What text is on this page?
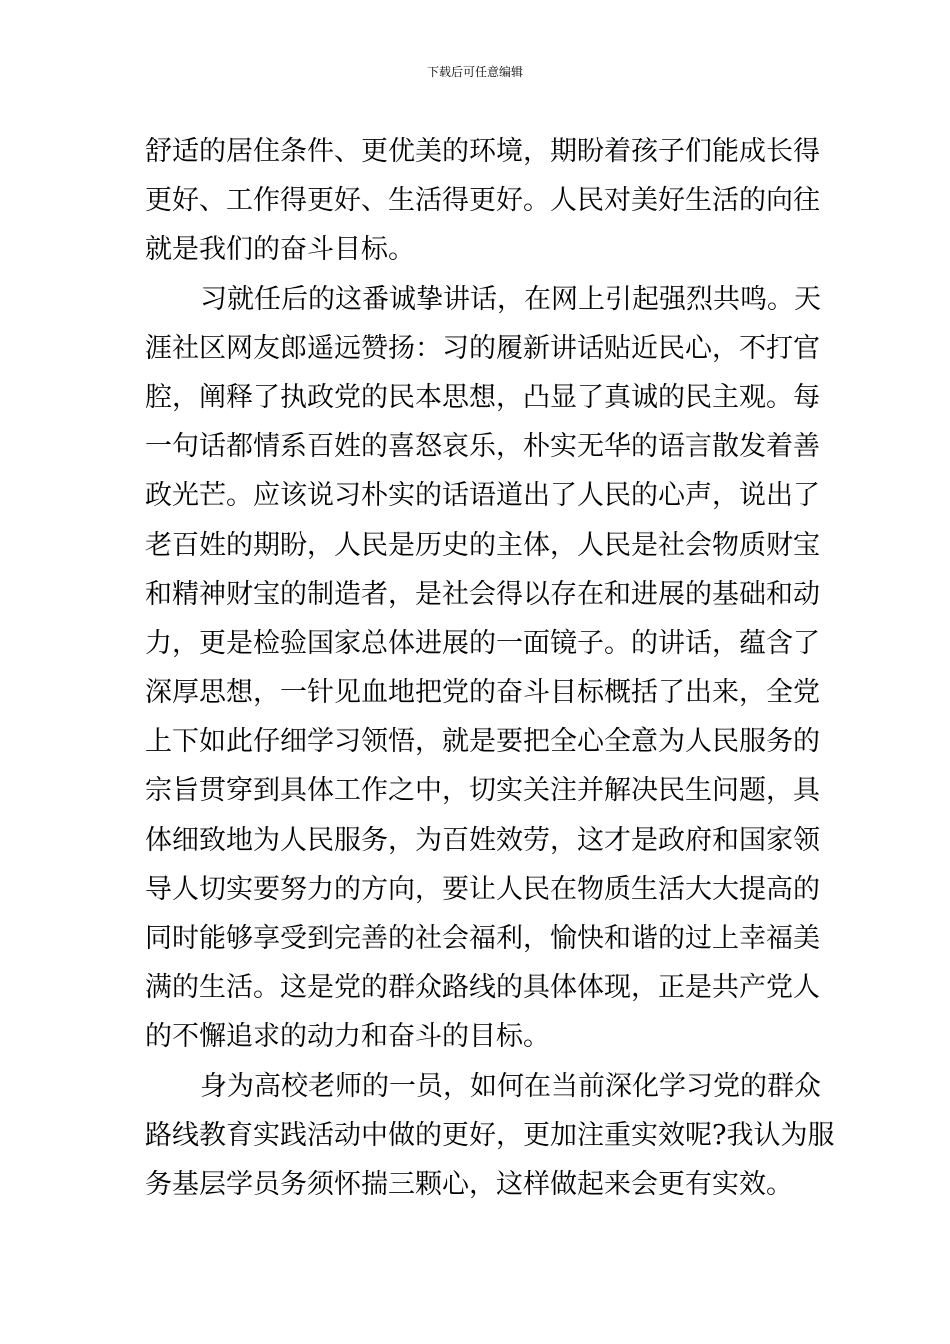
下载后可任意编辑
舒适的居住条件、更优美的环境，期盼着孩子们能成长得
更好、工作得更好、生活得更好。人民对美好生活的向往
就是我们的奋斗目标。
习就任后的这番诚挚讲话，在网上引起强烈共鸣。天
涯社区网友郎遥远赞扬：习的履新讲话贴近民心，不打官
腔，阐释了执政党的民本思想，凸显了真诚的民主观。每
一句话都情系百姓的喜怒哀乐，朴实无华的语言散发着善
政光芒。应该说习朴实的话语道出了人民的心声，说出了
老百姓的期盼，人民是历史的主体，人民是社会物质财宝
和精神财宝的制造者，是社会得以存在和进展的基础和动
力，更是检验国家总体进展的一面镜子。的讲话，蕴含了
深厚思想，一针见血地把党的奋斗目标概括了出来，全党
上下如此仔细学习领悟，就是要把全心全意为人民服务的
宗旨贯穿到具体工作之中，切实关注并解决民生问题，具
体细致地为人民服务，为百姓效劳，这才是政府和国家领
导人切实要努力的方向，要让人民在物质生活大大提高的
同时能够享受到完善的社会福利，愉快和谐的过上幸福美
满的生活。这是党的群众路线的具体体现，正是共产党人
的不懈追求的动力和奋斗的目标。
身为高校老师的一员，如何在当前深化学习党的群众
路线教育实践活动中做的更好，更加注重实效呢?我认为服
务基层学员务须怀揣三颗心，这样做起来会更有实效。
